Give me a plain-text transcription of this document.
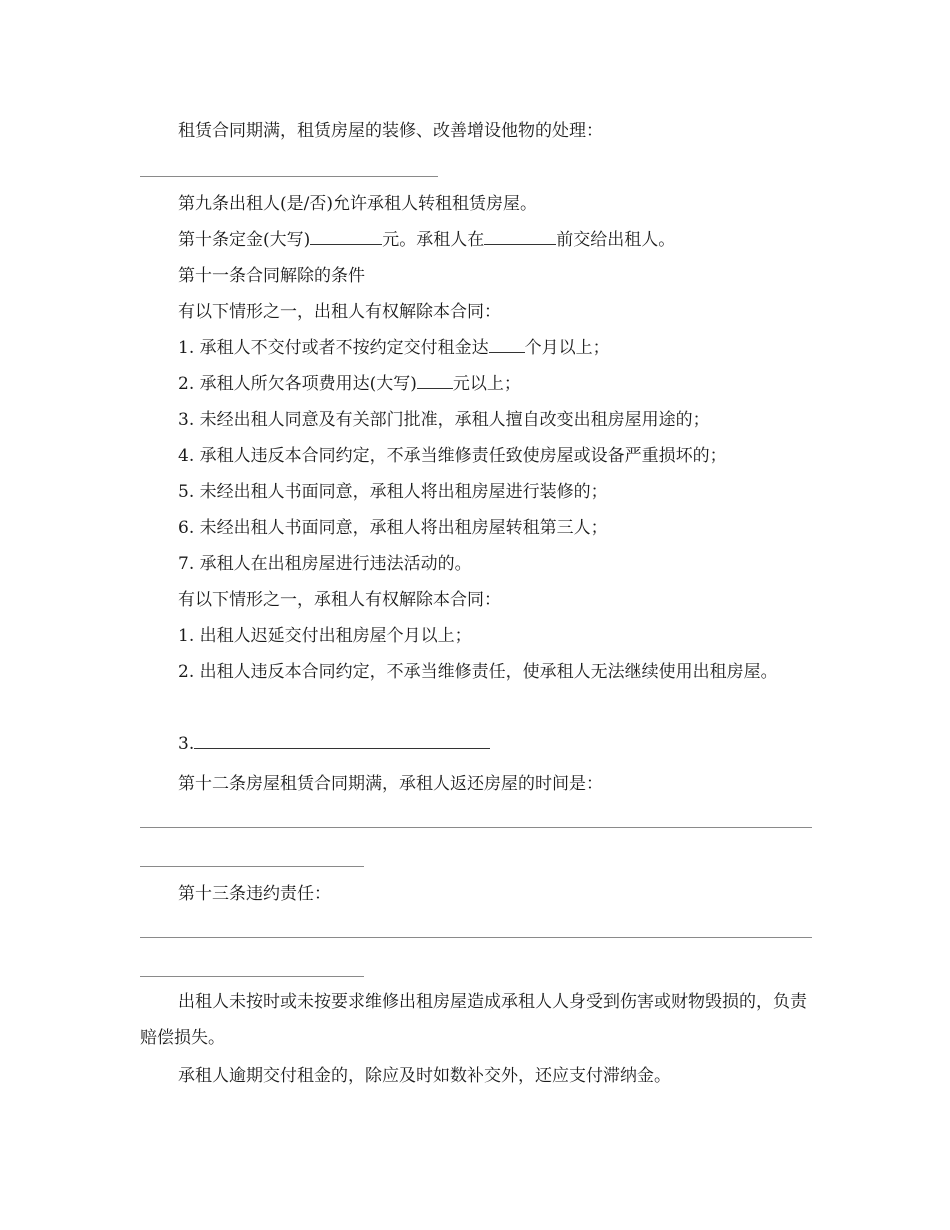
租赁合同期满，租赁房屋的装修、改善增设他物的处理：
第九条出租人(是/否)允许承租人转租租赁房屋。
第十条定金(大写)	元。承租人在	前交给出租人。
第十一条合同解除的条件
有以下情形之一，出租人有权解除本合同：
1. 承租人不交付或者不按约定交付租金达 个月以上；
2. 承租人所欠各项费用达(大写) 元以上；
3. 未经出租人同意及有关部门批准，承租人擅自改变出租房屋用途的；
4. 承租人违反本合同约定，不承当维修责任致使房屋或设备严重损坏的；
5. 未经出租人书面同意，承租人将出租房屋进行装修的；
6. 未经出租人书面同意，承租人将出租房屋转租第三人；
7. 承租人在出租房屋进行违法活动的。
有以下情形之一，承租人有权解除本合同：
1. 出租人迟延交付出租房屋个月以上；
2. 出租人违反本合同约定，不承当维修责任，使承租人无法继续使用出租房屋。
3.
第十二条房屋租赁合同期满，承租人返还房屋的时间是：
第十三条违约责任：
出租人未按时或未按要求维修出租房屋造成承租人人身受到伤害或财物毁损的，负责赔偿损失。
承租人逾期交付租金的，除应及时如数补交外，还应支付滞纳金。
